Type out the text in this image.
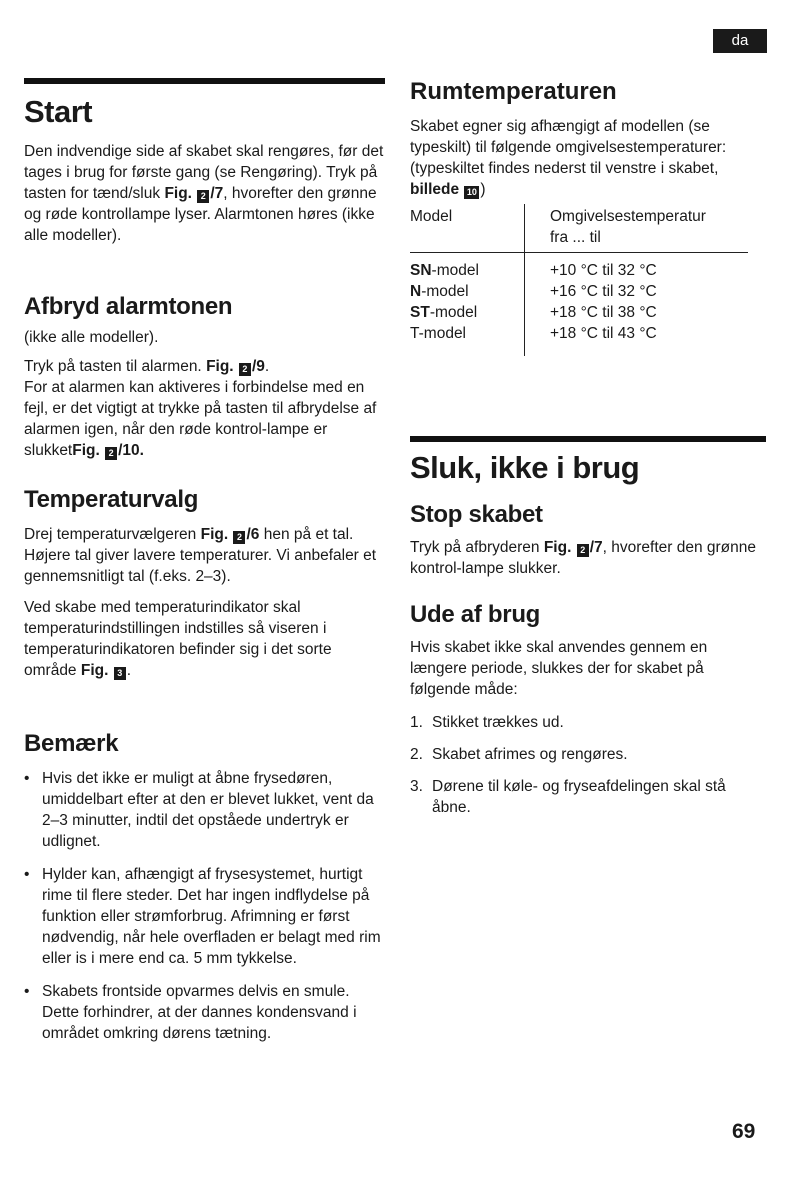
da
Start

Den indvendige side af skabet skal rengøres, før det tages i brug for første gang (se Rengøring). Tryk på tasten for tænd/sluk Fig. 2 /7, hvorefter den grønne og røde kontrollampe lyser. Alarmtonen høres (ikke alle modeller).

Afbryd alarmtonen

(ikke alle modeller).

Tryk på tasten til alarmen. Fig. 2 /9.

For at alarmen kan aktiveres i forbindelse med en fejl, er det vigtigt at trykke på tasten til afbrydelse af alarmen igen, når den røde kontrol-lampe er slukketFig. 2 /10.

Temperaturvalg

Drej temperaturvælgeren Fig. 2 /6 hen på et tal. Højere tal giver lavere temperaturer. Vi anbefaler et gennemsnitligt tal (f.eks. 2–3).

Ved skabe med temperaturindikator skal temperaturindstillingen indstilles så viseren i temperaturindikatoren befinder sig i det sorte område Fig. 3 .

Bemærk
• Hvis det ikke er muligt at åbne frysedøren, umiddelbart efter at den er blevet lukket, vent da 2–3 minutter, indtil det opståede undertryk er udlignet.
• Hylder kan, afhængigt af frysesystemet, hurtigt rime til flere steder. Det har ingen indflydelse på funktion eller strømforbrug. Afrimning er først nødvendig, når hele overfladen er belagt med rim eller is i mere end ca. 5 mm tykkelse.
• Skabets frontside opvarmes delvis en smule. Dette forhindrer, at der dannes kondensvand i området omkring dørens tætning.
Rumtemperaturen

Skabet egner sig afhængigt af modellen (se typeskilt) til følgende omgivelsestemperaturer:

(typeskiltet findes nederst til venstre i skabet, billede 10 )

Model	Omgivelsestemperatur
fra ... til

SN-model	+10 °C til 32 °C
N-model	+16 °C til 32 °C
ST-model	+18 °C til 38 °C
T-model	+18 °C til 43 °C
Sluk, ikke i brug
Stop skabet

Tryk på afbryderen Fig. 2 /7, hvorefter den grønne kontrol-lampe slukker.

Ude af brug

Hvis skabet ikke skal anvendes gennem en længere periode, slukkes der for skabet på følgende måde:

1. Stikket trækkes ud.
2. Skabet afrimes og rengøres.
3. Dørene til køle- og fryseafdelingen skal stå åbne.
69
